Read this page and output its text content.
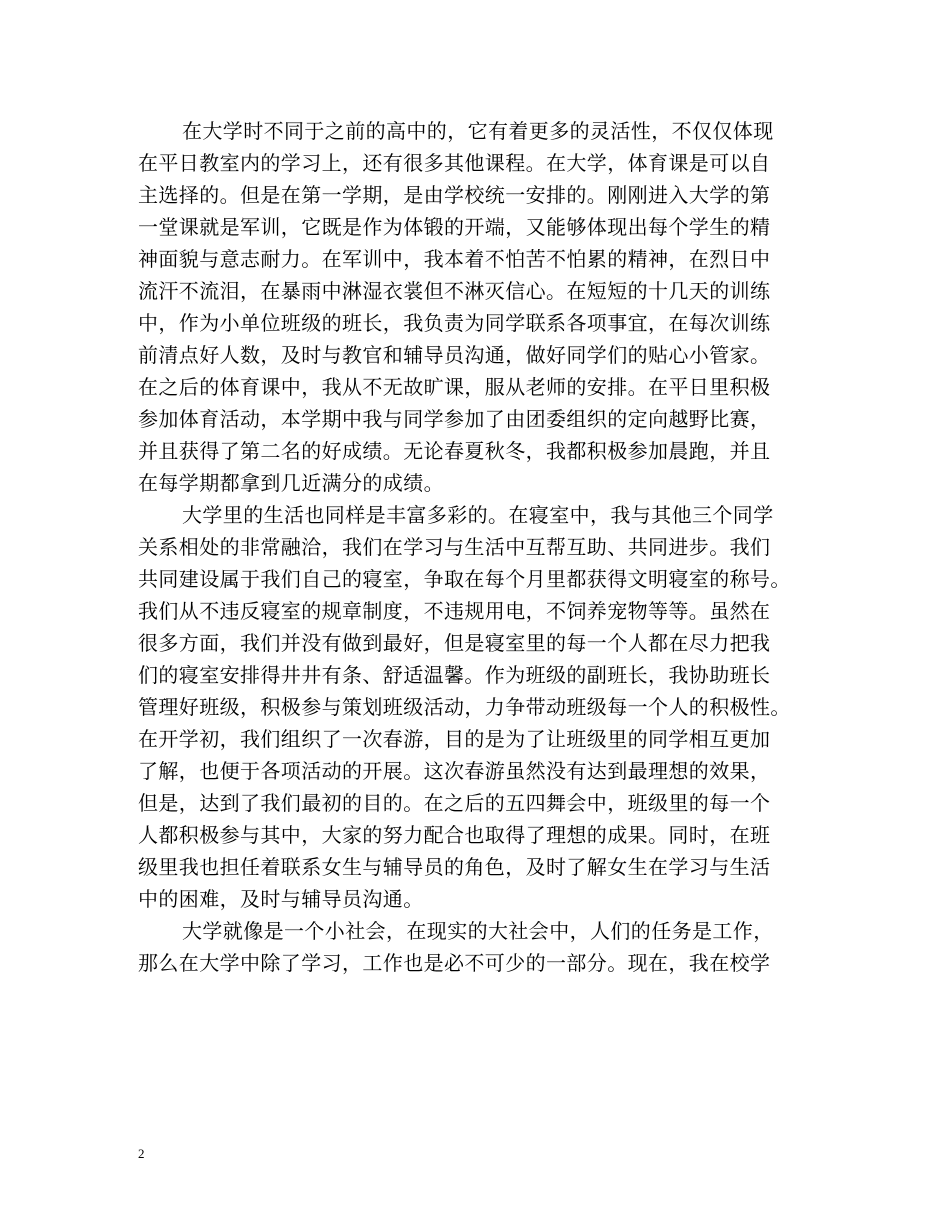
在大学时不同于之前的高中的，它有着更多的灵活性，不仅仅体现
在平日教室内的学习上，还有很多其他课程。在大学，体育课是可以自
主选择的。但是在第一学期，是由学校统一安排的。刚刚进入大学的第
一堂课就是军训，它既是作为体锻的开端，又能够体现出每个学生的精
神面貌与意志耐力。在军训中，我本着不怕苦不怕累的精神，在烈日中
流汗不流泪，在暴雨中淋湿衣裳但不淋灭信心。在短短的十几天的训练
中，作为小单位班级的班长，我负责为同学联系各项事宜，在每次训练
前清点好人数，及时与教官和辅导员沟通，做好同学们的贴心小管家。
在之后的体育课中，我从不无故旷课，服从老师的安排。在平日里积极
参加体育活动，本学期中我与同学参加了由团委组织的定向越野比赛，
并且获得了第二名的好成绩。无论春夏秋冬，我都积极参加晨跑，并且
在每学期都拿到几近满分的成绩。
大学里的生活也同样是丰富多彩的。在寝室中，我与其他三个同学
关系相处的非常融洽，我们在学习与生活中互帮互助、共同进步。我们
共同建设属于我们自己的寝室，争取在每个月里都获得文明寝室的称号。
我们从不违反寝室的规章制度，不违规用电，不饲养宠物等等。虽然在
很多方面，我们并没有做到最好，但是寝室里的每一个人都在尽力把我
们的寝室安排得井井有条、舒适温馨。作为班级的副班长，我协助班长
管理好班级，积极参与策划班级活动，力争带动班级每一个人的积极性。
在开学初，我们组织了一次春游，目的是为了让班级里的同学相互更加
了解，也便于各项活动的开展。这次春游虽然没有达到最理想的效果，
但是，达到了我们最初的目的。在之后的五四舞会中，班级里的每一个
人都积极参与其中，大家的努力配合也取得了理想的成果。同时，在班
级里我也担任着联系女生与辅导员的角色，及时了解女生在学习与生活
中的困难，及时与辅导员沟通。
大学就像是一个小社会，在现实的大社会中，人们的任务是工作，
那么在大学中除了学习，工作也是必不可少的一部分。现在，我在校学
2
